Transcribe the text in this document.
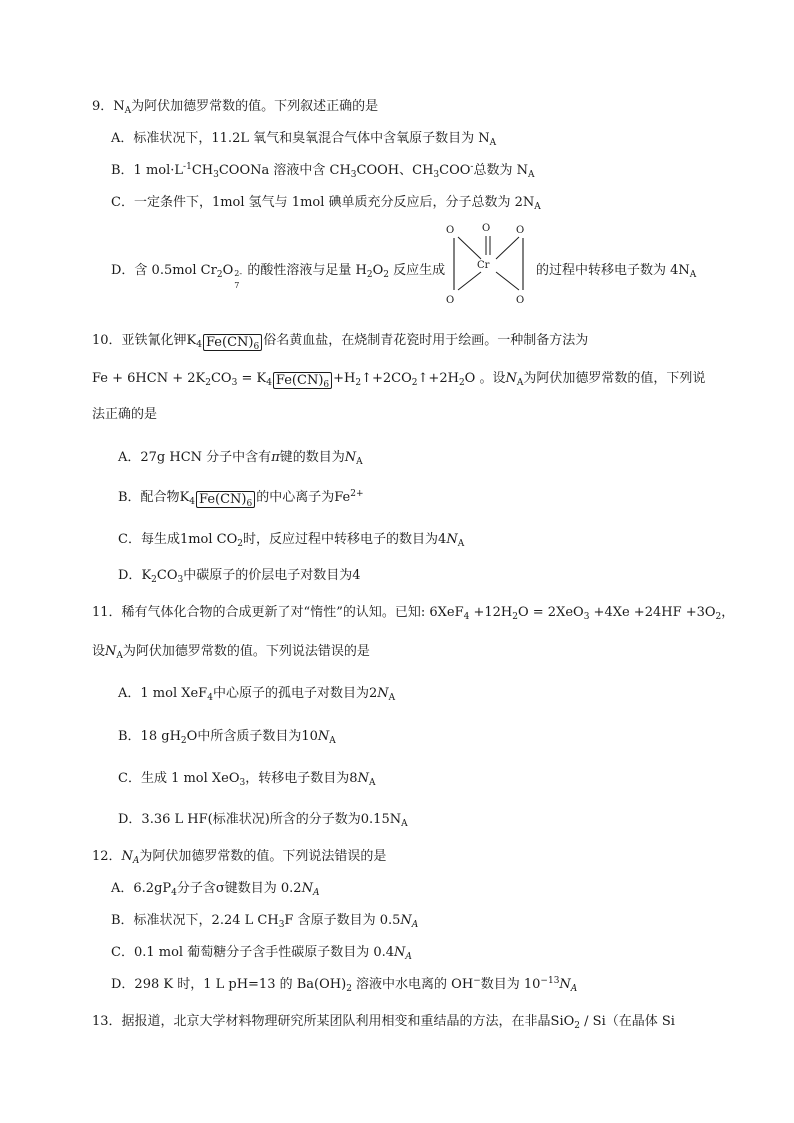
9．$N_A$为阿伏加德罗常数的值。下列叙述正确的是
A．标准状况下，11.2L 氧气和臭氧混合气体中含氧原子数目为 $N_A$
B．1 $mol\cdot L^{-1}CH_3COONa$ 溶液中含 $CH_3COOH$、$CH_3COO^-$总数为 $N_A$
C．一定条件下，1mol 氢气与 1mol 碘单质充分反应后，分子总数为 $2N_A$
D．含 0.5mol $Cr_2O$ 2-
7
的酸性溶液与足量 $H_2O_2$ 反应生成	的过程中转移电子数为 $4N_A$
O	O	O
Cr
O	O
10．亚铁氰化钾$K_4$ $Fe(CN)_6$ 俗名黄血盐，在烧制青花瓷时用于绘画。一种制备方法为
$Fe + 6HCN + 2K_2CO_3 = K_4$ $Fe(CN)_6$ $+H_2↑+2CO_2↑+2H_2O$ 。设$N_A$为阿伏加德罗常数的值，下列说
法正确的是
A．27g HCN 分子中含有π键的数目为$N_A$
B．配合物$K_4$ $Fe(CN)_6$ 的中心离子为$Fe^{2+}$
C．每生成1mol $CO_2$时，反应过程中转移电子的数目为$4N_A$
D．$K_2CO_3$中碳原子的价层电子对数目为4
11．稀有气体化合物的合成更新了对“惰性”的认知。已知: $6XeF_4 +12H_2O = 2XeO_3 +4Xe +24HF +3O_2$，
设$N_A$为阿伏加德罗常数的值。下列说法错误的是
A．1 mol XeF$_4$中心原子的孤电子对数目为$2N_A$
B．18 $gH_2O$中所含质子数目为$10N_A$
C．生成 1 mol XeO$_3$，转移电子数目为$8N_A$
D．3.36 L HF(标准状况)所含的分子数为$0.15N_A$
12．$N_A$为阿伏加德罗常数的值。下列说法错误的是
A．$6.2gP_4$分子含σ键数目为 $0.2N_A$
B．标准状况下，2.24 L $CH_3F$ 含原子数目为 $0.5N_A$
C．0.1 mol 葡萄糖分子含手性碳原子数目为 $0.4N_A$
D．298 K 时，1 L pH=13 的 $Ba(OH)_2$ 溶液中水电离的 OH−数目为 $10^{-13}N_A$
13．据报道，北京大学材料物理研究所某团队利用相变和重结晶的方法，在非晶SiO$_2$ / Si（在晶体 Si
